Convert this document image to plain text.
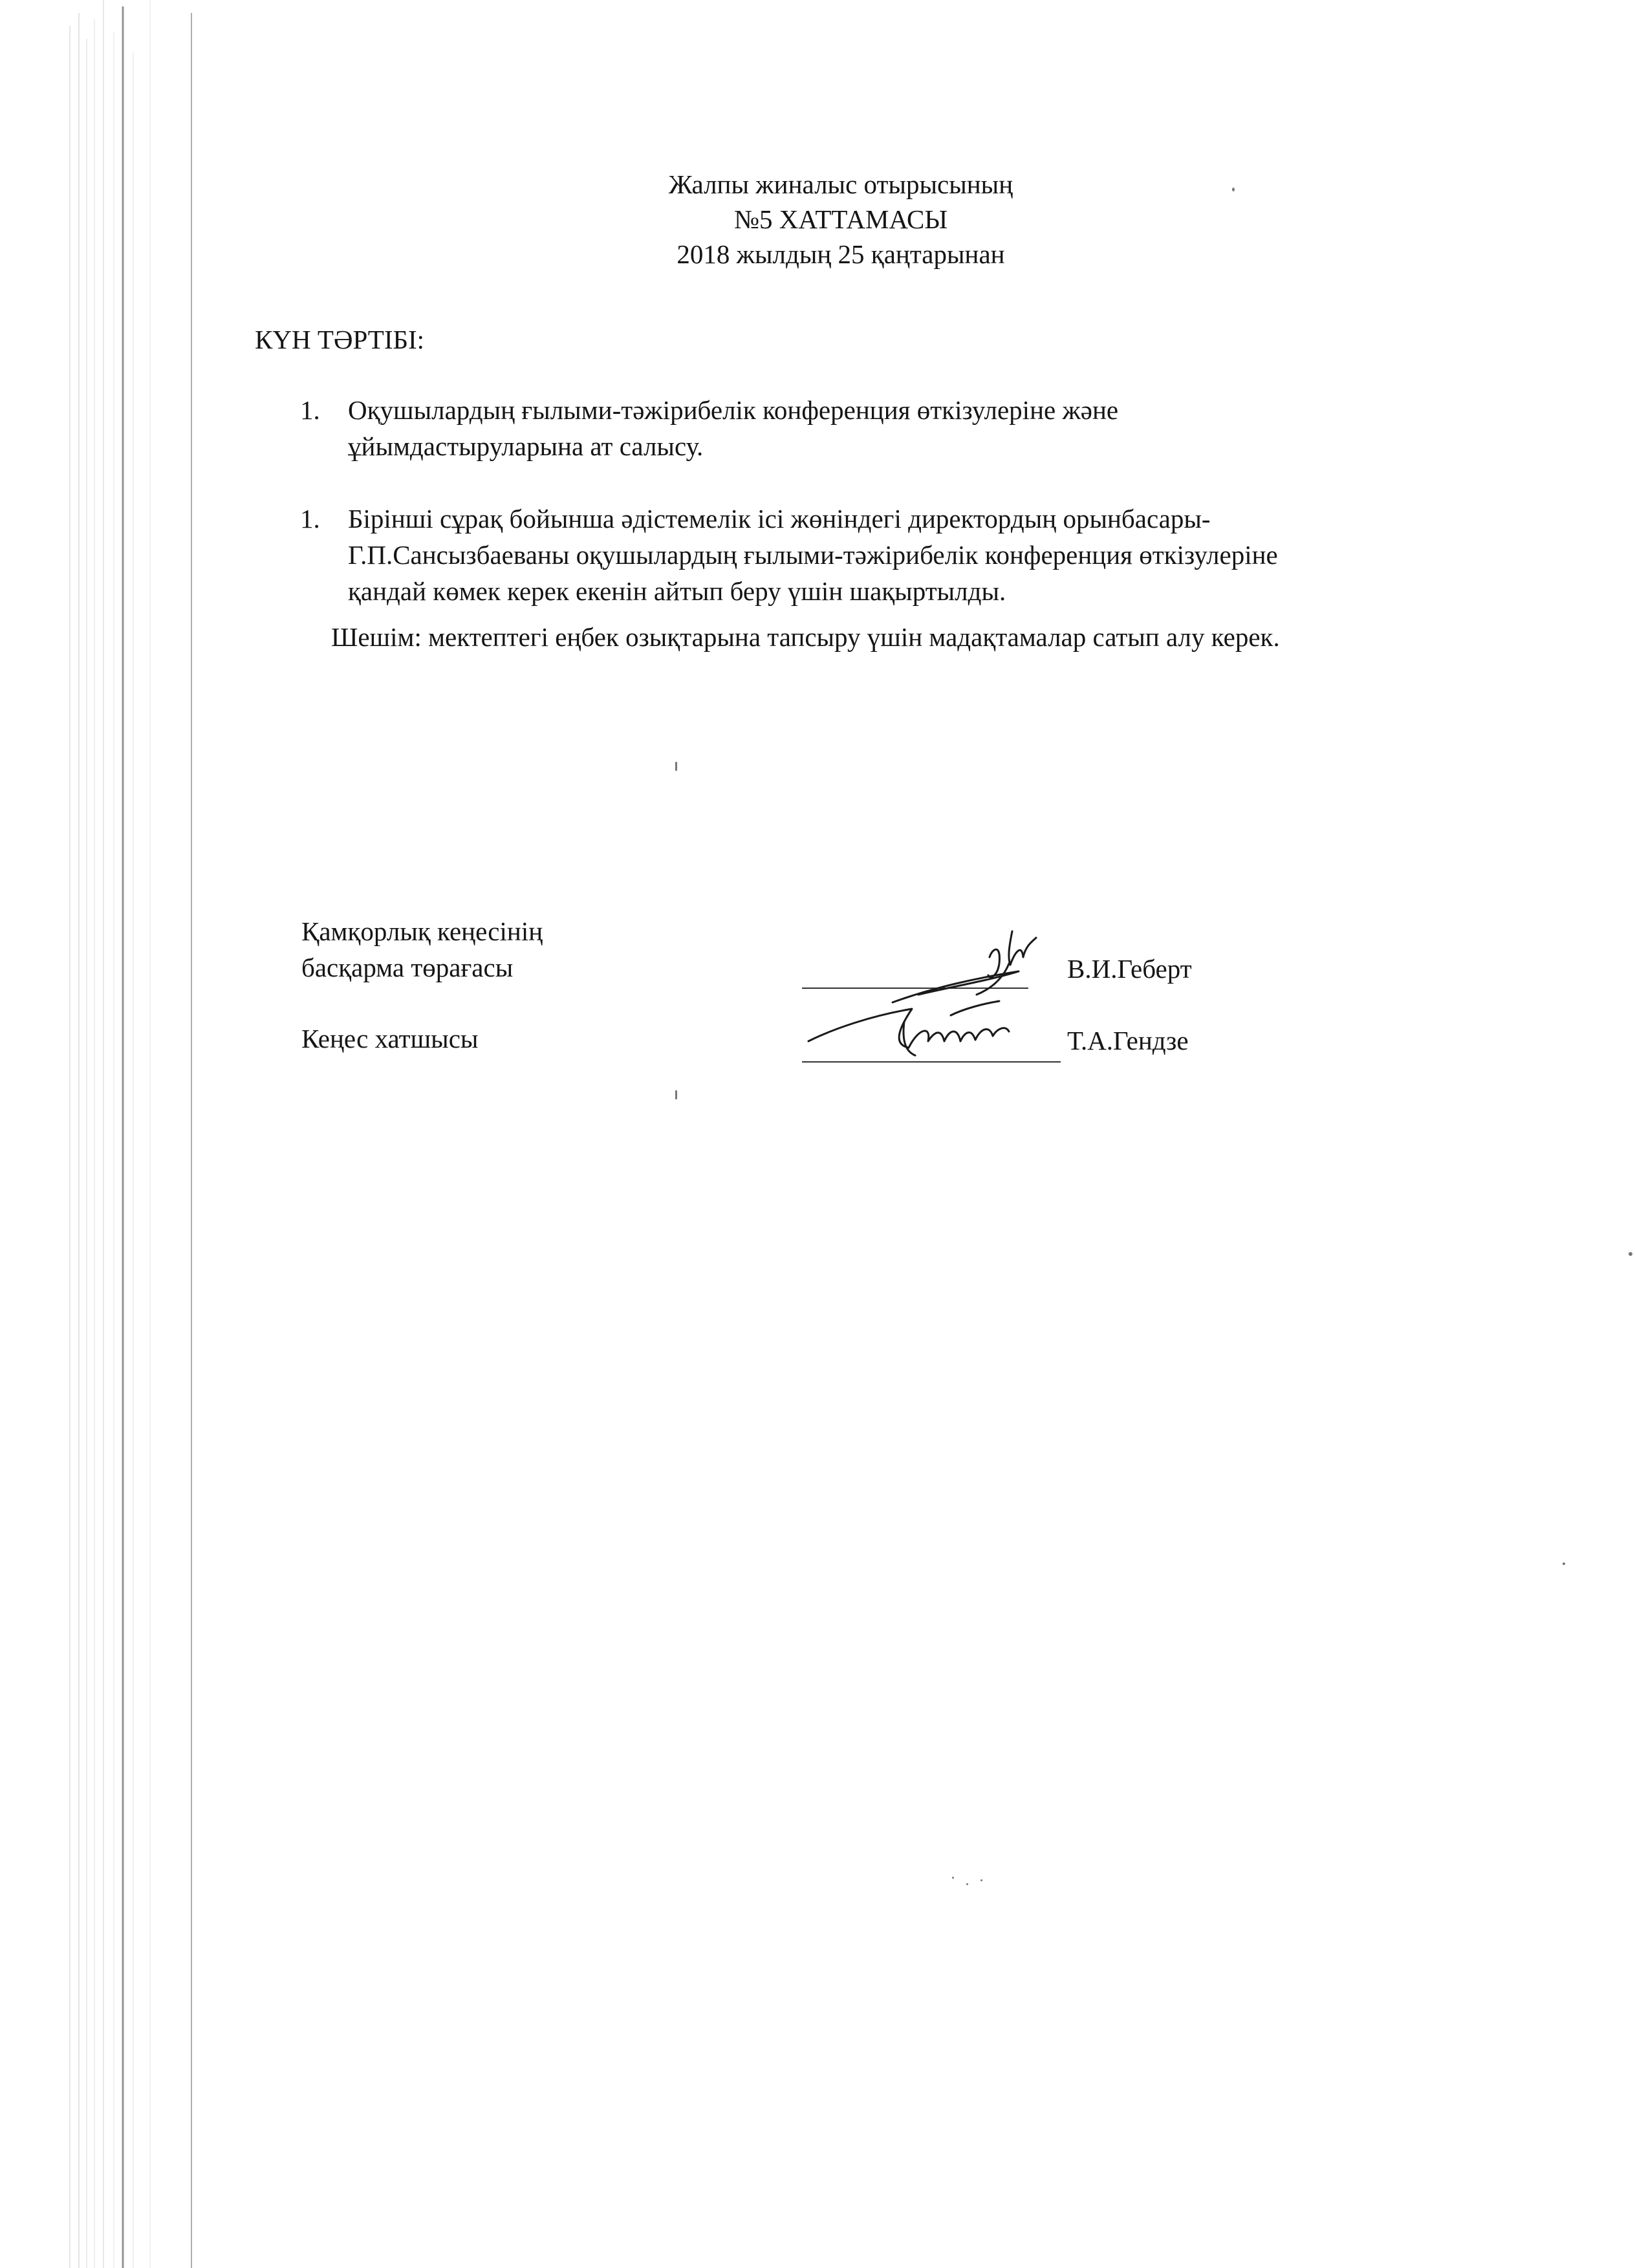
Жалпы жиналыс отырысының
№5 ХАТТАМАСЫ
2018 жылдың 25 қаңтарынан
КҮН ТӘРТІБІ:
1.	Оқушылардың ғылыми-тәжірибелік конференция өткізулеріне және
ұйымдастыруларына ат салысу.
1.	Бірінші сұрақ бойынша әдістемелік ісі жөніндегі директордың орынбасары-
Г.П.Сансызбаеваны оқушылардың ғылыми-тәжірибелік конференция өткізулеріне
қандай көмек керек екенін айтып беру үшін шақыртылды.
Шешім: мектептегі еңбек озықтарына тапсыру үшін мадақтамалар сатып алу керек.
Қамқорлық кеңесінің
басқарма төрағасы	В.И.Геберт
Кеңес хатшысы	Т.А.Гендзе
